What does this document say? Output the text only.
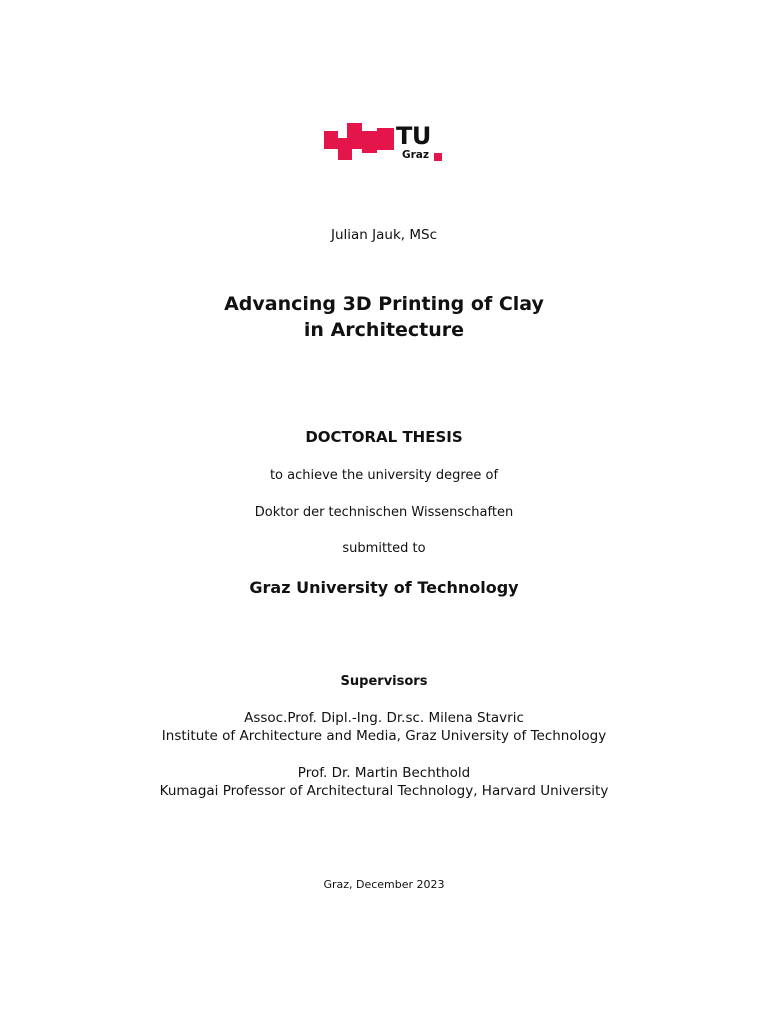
TU
Graz
Julian Jauk, MSc
Advancing 3D Printing of Clay
in Architecture
DOCTORAL THESIS
to achieve the university degree of
Doktor der technischen Wissenschaften
submitted to
Graz University of Technology
Supervisors
Assoc.Prof. Dipl.-Ing. Dr.sc. Milena Stavric
Institute of Architecture and Media, Graz University of Technology
Prof. Dr. Martin Bechthold
Kumagai Professor of Architectural Technology, Harvard University
Graz, December 2023
